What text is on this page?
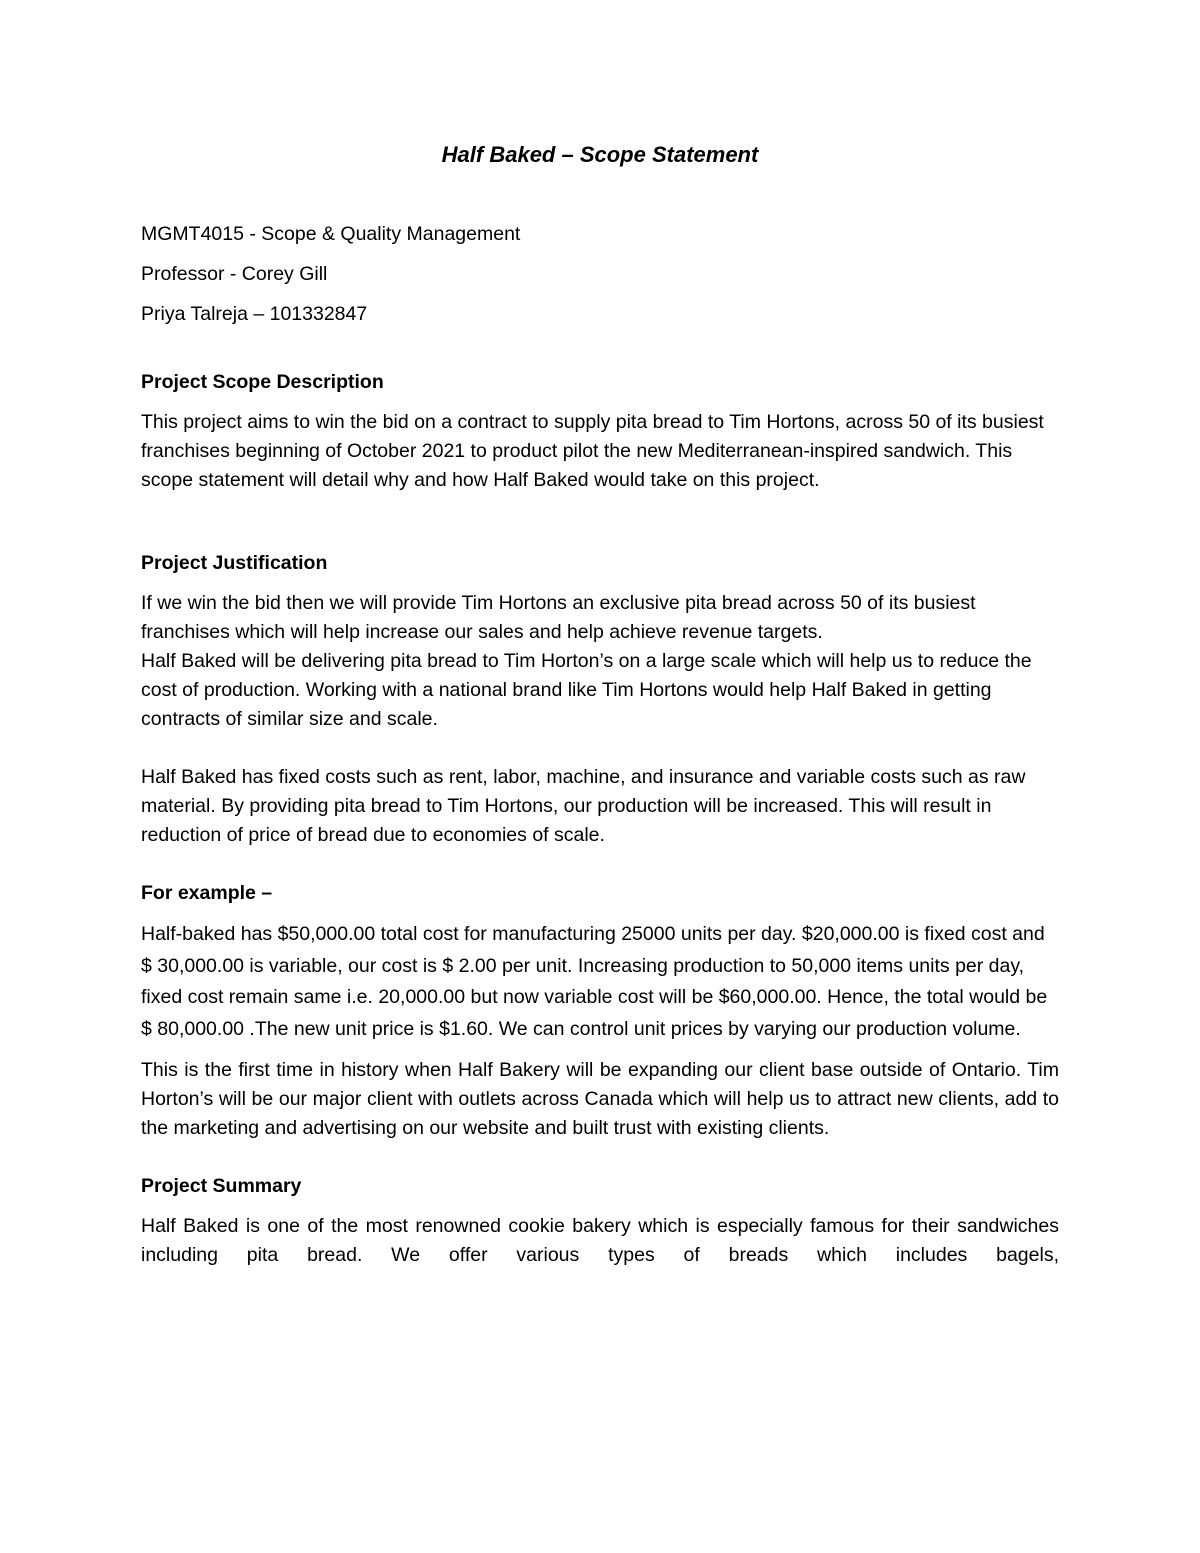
Half Baked – Scope Statement
MGMT4015 - Scope & Quality Management
Professor - Corey Gill
Priya Talreja – 101332847
Project Scope Description

This project aims to win the bid on a contract to supply pita bread to Tim Hortons, across 50 of its busiest franchises beginning of October 2021 to product pilot the new Mediterranean-inspired sandwich. This scope statement will detail why and how Half Baked would take on this project.

Project Justification

If we win the bid then we will provide Tim Hortons an exclusive pita bread across 50 of its busiest franchises which will help increase our sales and help achieve revenue targets.

Half Baked will be delivering pita bread to Tim Horton’s on a large scale which will help us to reduce the cost of production. Working with a national brand like Tim Hortons would help Half Baked in getting contracts of similar size and scale.

Half Baked has fixed costs such as rent, labor, machine, and insurance and variable costs such as raw material. By providing pita bread to Tim Hortons, our production will be increased. This will result in reduction of price of bread due to economies of scale.

For example –

Half-baked has $50,000.00 total cost for manufacturing 25000 units per day. $20,000.00 is fixed cost and $ 30,000.00 is variable, our cost is $ 2.00 per unit. Increasing production to 50,000 items units per day, fixed cost remain same i.e. 20,000.00 but now variable cost will be $60,000.00. Hence, the total would be $ 80,000.00 .The new unit price is $1.60. We can control unit prices by varying our production volume.

This is the first time in history when Half Bakery will be expanding our client base outside of Ontario. Tim Horton’s will be our major client with outlets across Canada which will help us to attract new clients, add to the marketing and advertising on our website and built trust with existing clients.

Project Summary

Half Baked is one of the most renowned cookie bakery which is especially famous for their sandwiches including pita bread. We offer various types of breads which includes bagels,
